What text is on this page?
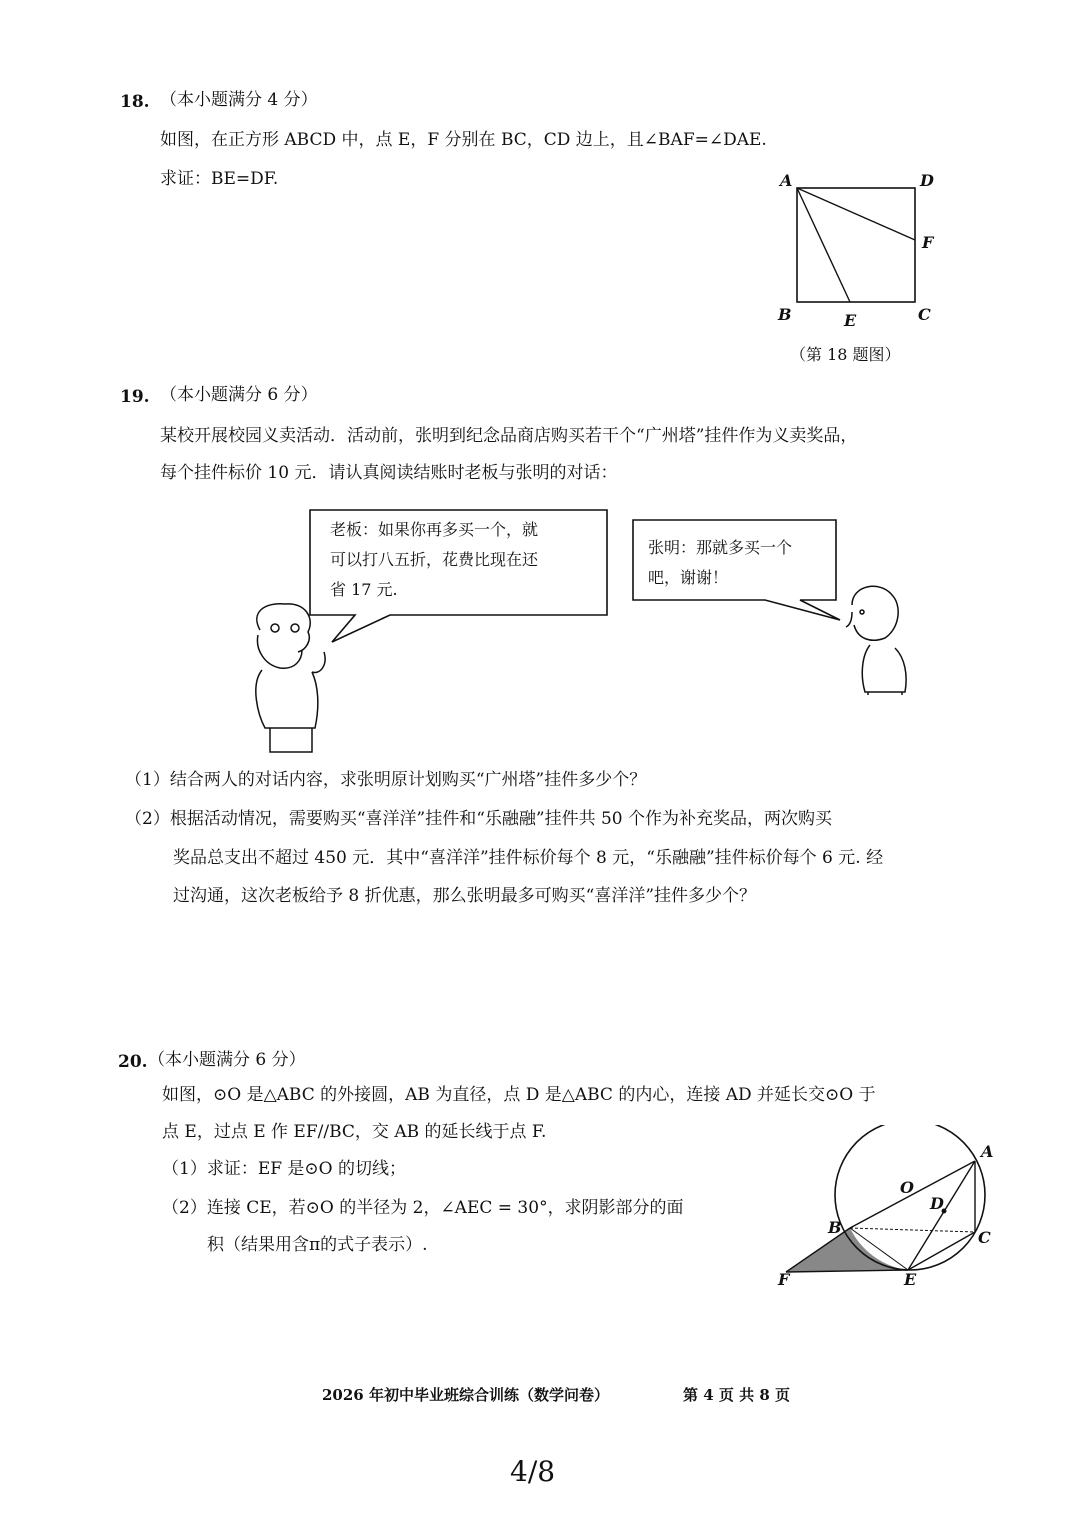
18. （本小题满分 4 分）
如图，在正方形 ABCD 中，点 E，F 分别在 BC，CD 边上，且∠BAF=∠DAE.
求证：BE=DF.	A	D
F
B	E	C
（第 18 题图）
19. （本小题满分 6 分）
某校开展校园义卖活动．活动前，张明到纪念品商店购买若干个“广州塔”挂件作为义卖奖品，
每个挂件标价 10 元．请认真阅读结账时老板与张明的对话：
老板：如果你再多买一个，就
可以打八五折，花费比现在还
省 17 元.
张明：那就多买一个
吧，谢谢！
（1）结合两人的对话内容，求张明原计划购买“广州塔”挂件多少个？
（2）根据活动情况，需要购买“喜洋洋”挂件和“乐融融”挂件共 50 个作为补充奖品，两次购买
奖品总支出不超过 450 元．其中“喜洋洋”挂件标价每个 8 元，“乐融融”挂件标价每个 6 元. 经
过沟通，这次老板给予 8 折优惠，那么张明最多可购买“喜洋洋”挂件多少个？
20. （本小题满分 6 分）
如图，⊙O 是△ABC 的外接圆，AB 为直径，点 D 是△ABC 的内心，连接 AD 并延长交⊙O 于
点 E，过点 E 作 EF//BC，交 AB 的延长线于点 F.
（1）求证：EF 是⊙O 的切线；
（2）连接 CE，若⊙O 的半径为 2，∠AEC = 30°，求阴影部分的面
积（结果用含π的式子表示）.
A
O
D
B
C
E
F
2026 年初中毕业班综合训练（数学问卷）	第 4 页 共 8 页
4/8
